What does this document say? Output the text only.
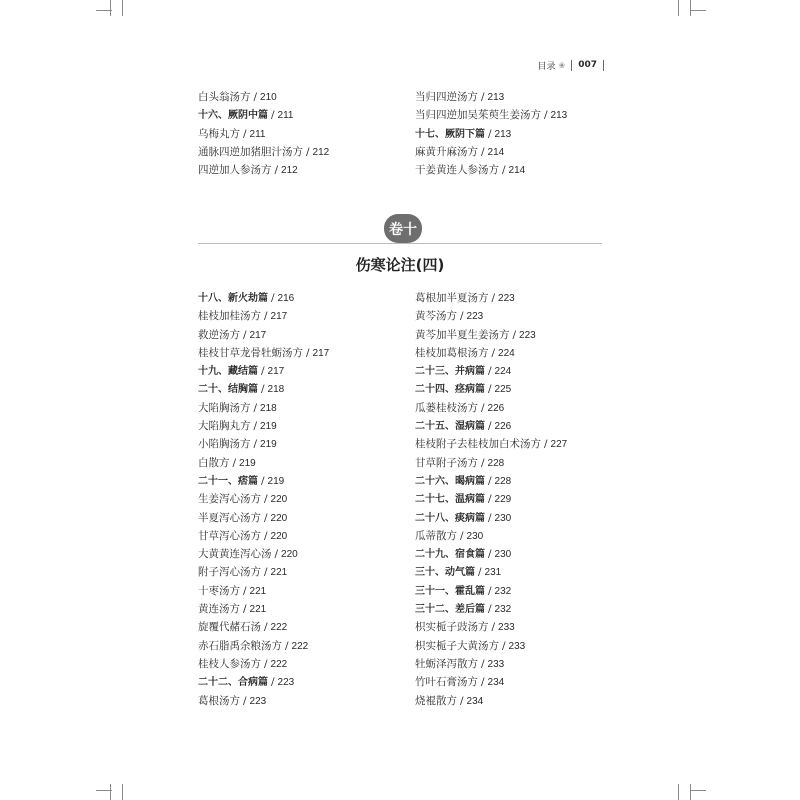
目录 ❀ 007
白头翁汤方 / 210
十六、厥阴中篇 / 211
乌梅丸方 / 211
通脉四逆加猪胆汁汤方 / 212
四逆加人参汤方 / 212
当归四逆汤方 / 213
当归四逆加吴茱萸生姜汤方 / 213
十七、厥阴下篇 / 213
麻黄升麻汤方 / 214
干姜黄连人参汤方 / 214
卷十
伤寒论注(四)
十八、新火劫篇 / 216
桂枝加桂汤方 / 217
救逆汤方 / 217
桂枝甘草龙骨牡蛎汤方 / 217
十九、藏结篇 / 217
二十、结胸篇 / 218
大陷胸汤方 / 218
大陷胸丸方 / 219
小陷胸汤方 / 219
白散方 / 219
二十一、痞篇 / 219
生姜泻心汤方 / 220
半夏泻心汤方 / 220
甘草泻心汤方 / 220
大黄黄连泻心汤 / 220
附子泻心汤方 / 221
十枣汤方 / 221
黄连汤方 / 221
旋覆代赭石汤 / 222
赤石脂禹余粮汤方 / 222
桂枝人参汤方 / 222
二十二、合病篇 / 223
葛根汤方 / 223
葛根加半夏汤方 / 223
黄芩汤方 / 223
黄芩加半夏生姜汤方 / 223
桂枝加葛根汤方 / 224
二十三、并病篇 / 224
二十四、痉病篇 / 225
瓜蒌桂枝汤方 / 226
二十五、湿病篇 / 226
桂枝附子去桂枝加白术汤方 / 227
甘草附子汤方 / 228
二十六、暍病篇 / 228
二十七、温病篇 / 229
二十八、痰病篇 / 230
瓜蒂散方 / 230
二十九、宿食篇 / 230
三十、动气篇 / 231
三十一、霍乱篇 / 232
三十二、差后篇 / 232
枳实栀子豉汤方 / 233
枳实栀子大黄汤方 / 233
牡蛎泽泻散方 / 233
竹叶石膏汤方 / 234
烧裩散方 / 234
